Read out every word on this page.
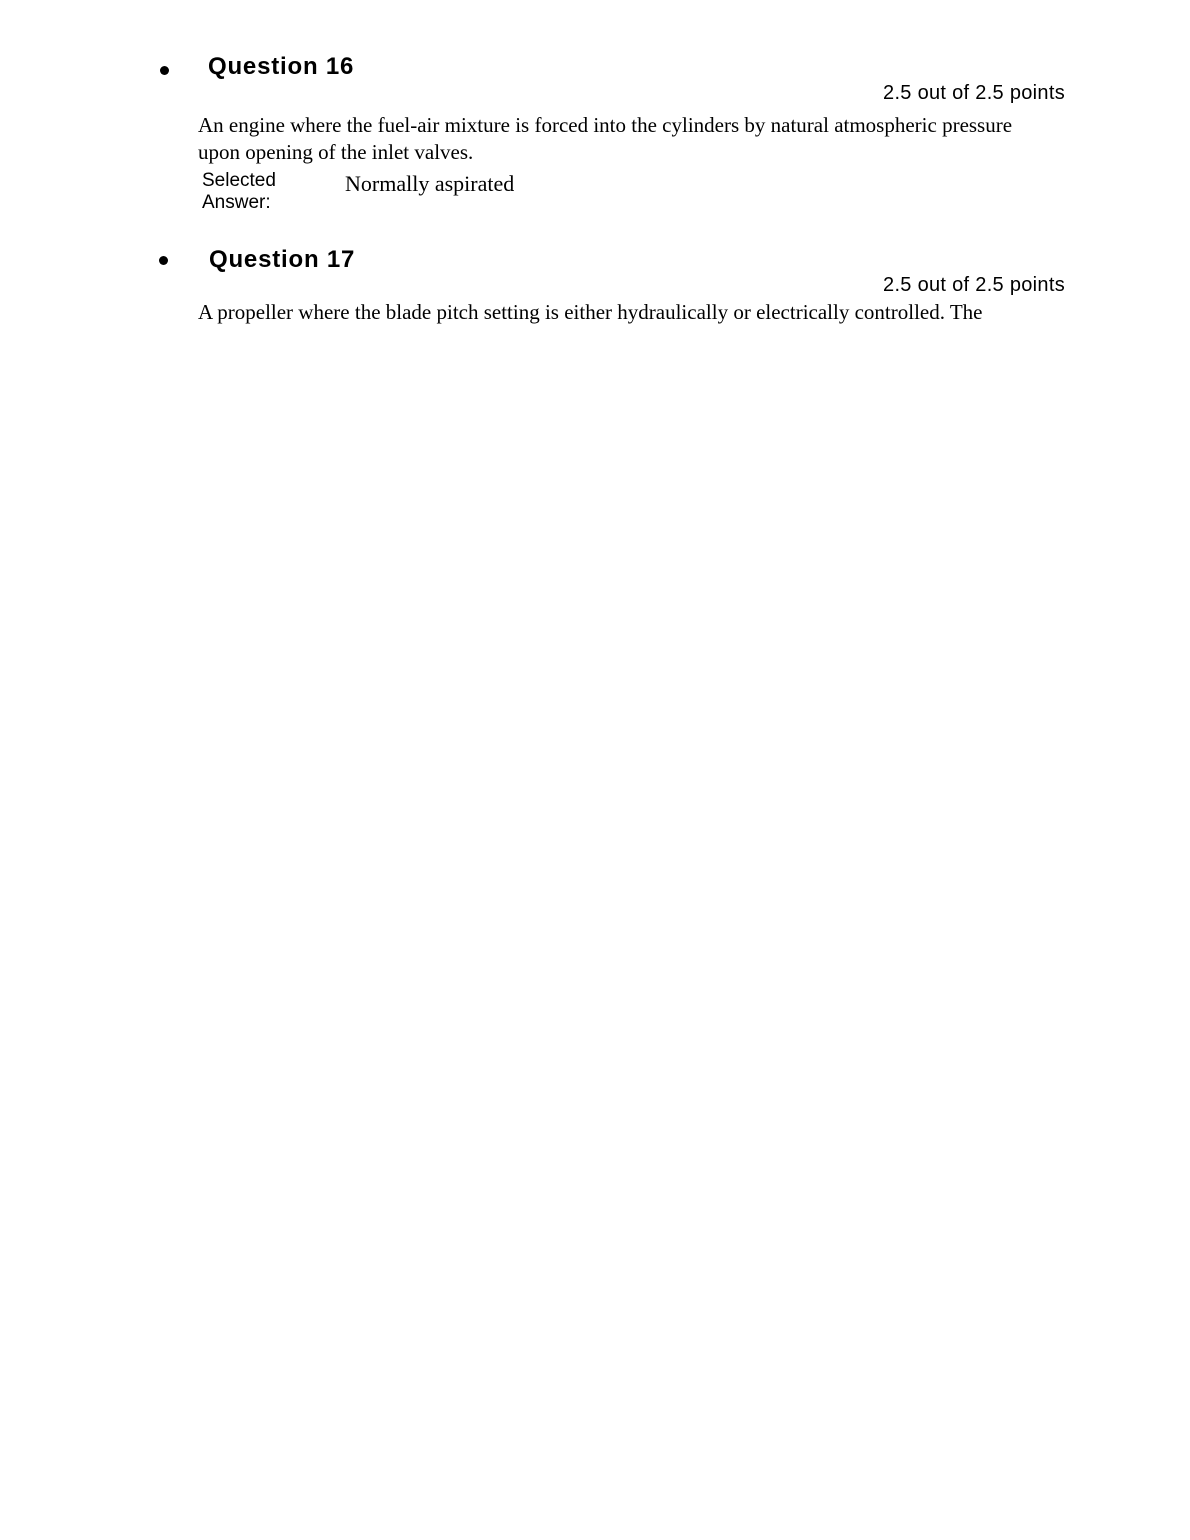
Question 16
2.5 out of 2.5 points

An engine where the fuel-air mixture is forced into the cylinders by natural atmospheric pressure upon opening of the inlet valves.

Selected Answer:
Normally aspirated
Question 17
2.5 out of 2.5 points

A propeller where the blade pitch setting is either hydraulically or electrically controlled. The
